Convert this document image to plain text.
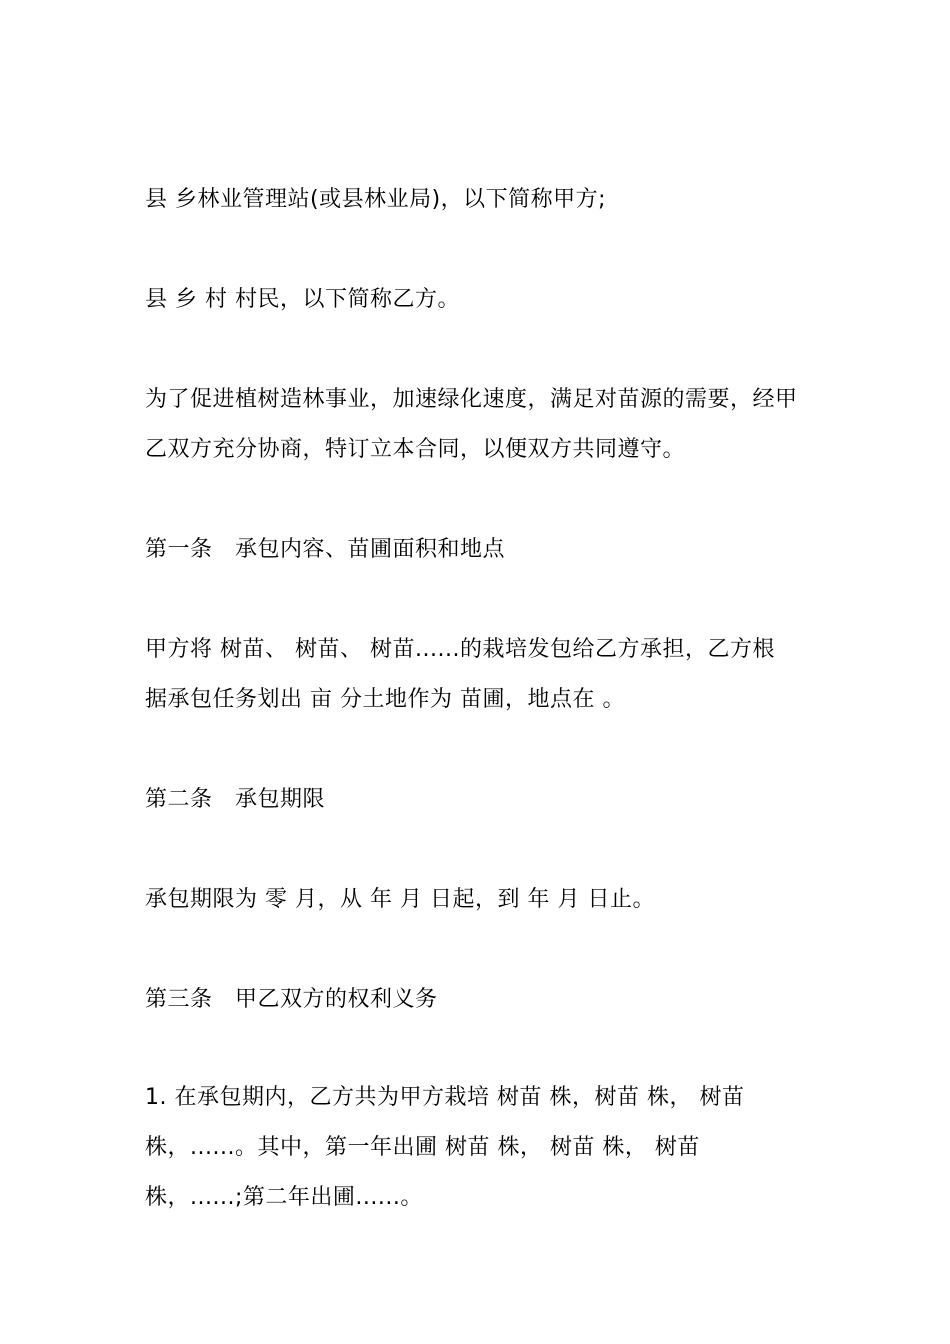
县 乡林业管理站(或县林业局)，以下简称甲方;
县 乡 村 村民，以下简称乙方。
为了促进植树造林事业，加速绿化速度，满足对苗源的需要，经甲
乙双方充分协商，特订立本合同，以便双方共同遵守。
第一条　承包内容、苗圃面积和地点
甲方将 树苗、 树苗、 树苗......的栽培发包给乙方承担，乙方根
据承包任务划出 亩 分土地作为 苗圃，地点在 。
第二条　承包期限
承包期限为 零 月，从 年 月 日起，到 年 月 日止。
第三条　甲乙双方的权利义务
1. 在承包期内，乙方共为甲方栽培 树苗 株，树苗 株， 树苗
株，......。其中，第一年出圃 树苗 株， 树苗 株， 树苗
株，......;第二年出圃......。
